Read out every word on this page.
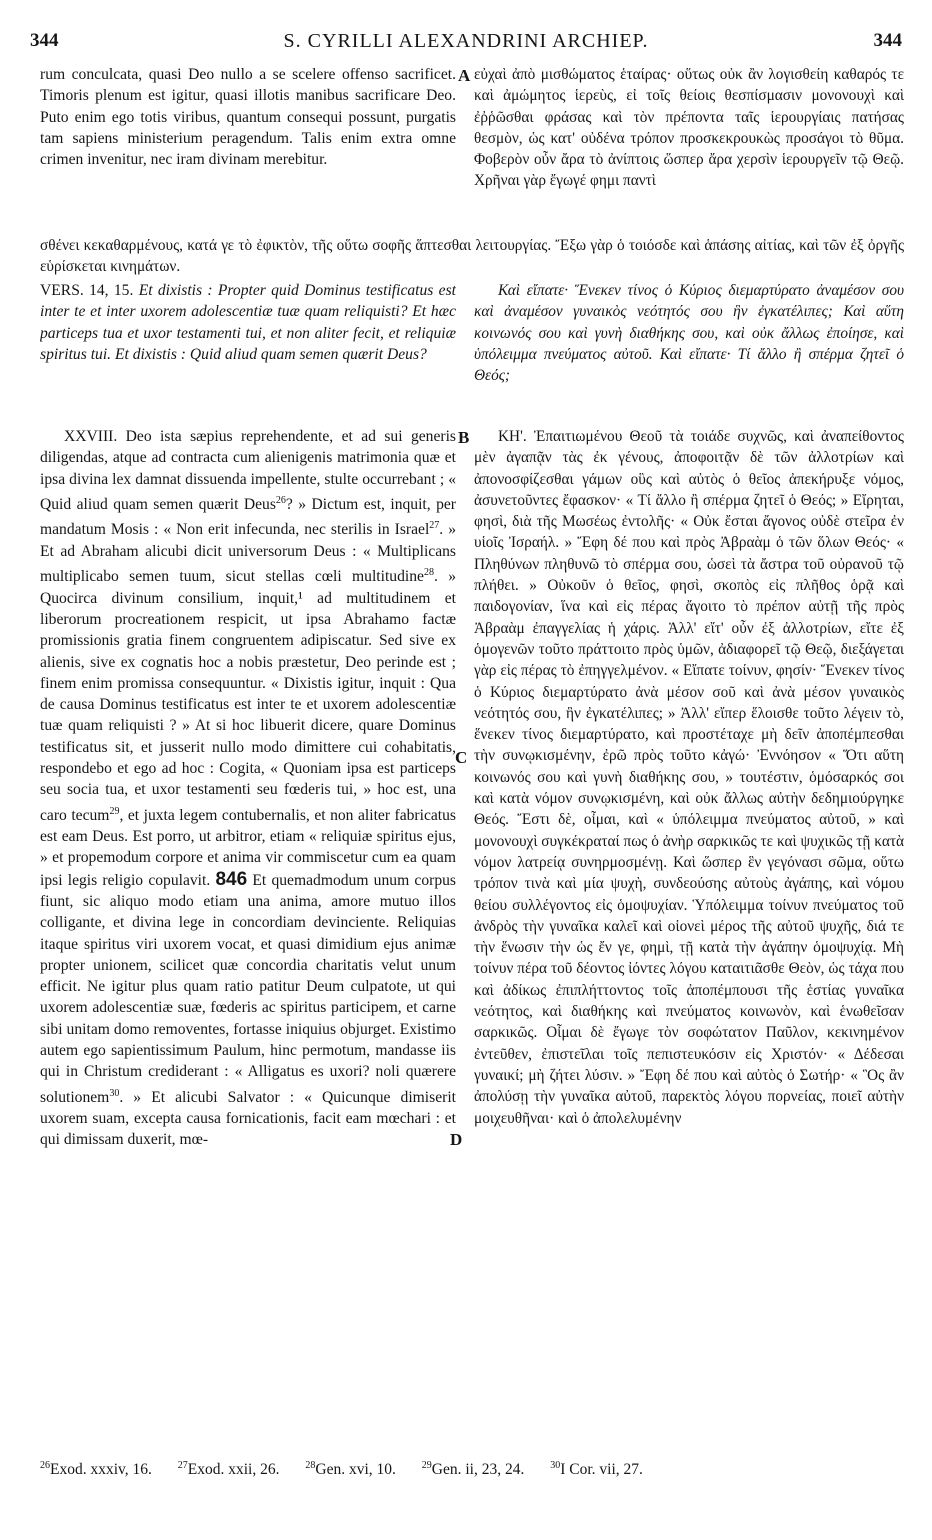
344	S. CYRILLI ALEXANDRINI ARCHIEP.	344

rum conculcata, quasi Deo nullo a se scelere offenso sacrificet. Timoris plenum est igitur, quasi illotis manibus sacrificare Deo. Puto enim ego totis viribus, quantum consequi possunt, purgatis tam sapiens ministerium peragendum. Talis enim extra omne crimen invenitur, nec iram divinam merebitur.

εὐχαὶ ἀπὸ μισθώματος ἑταίρας· οὕτως οὐκ ἂν λογισθείη καθαρός τε καὶ ἀμώμητος ἱερεὺς, εἰ τοῖς θείοις θεσπίσμασιν μονονουχὶ καὶ ἐῤῥῶσθαι φράσας καὶ τὸν πρέποντα ταῖς ἱερουργίαις πατήσας θεσμὸν, ὡς κατ' οὐδένα τρόπον προσκεκρουκὼς προσάγοι τὸ θῦμα. Φοβερὸν οὖν ἄρα τὸ ἀνίπτοις ὥσπερ ἄρα χερσὶν ἱερουργεῖν τῷ Θεῷ. Χρῆναι γὰρ ἔγωγέ φημι παντὶ

A

σθένει κεκαθαρμένους, κατά γε τὸ ἐφικτὸν, τῆς οὕτω σοφῆς ἅπτεσθαι λειτουργίας. Ἔξω γὰρ ὁ τοιόσδε καὶ ἁπάσης αἰτίας, καὶ τῶν ἐξ ὀργῆς εὑρίσκεται κινημάτων.

VERS. 14, 15. Et dixistis : Propter quid Dominus testificatus est inter te et inter uxorem adolescentiæ tuæ quam reliquisti? Et hæc particeps tua et uxor testamenti tui, et non aliter fecit, et reliquiæ spiritus tui. Et dixistis : Quid aliud quam semen quærit Deus?

Καὶ εἴπατε· Ἕνεκεν τίνος ὁ Κύριος διεμαρτύρατο ἀναμέσον σου καὶ ἀναμέσον γυναικὸς νεότητός σου ἣν ἐγκατέλιπες; Καὶ αὕτη κοινωνός σου καὶ γυνὴ διαθήκης σου, καὶ οὐκ ἄλλως ἐποίησε, καὶ ὑπόλειμμα πνεύματος αὐτοῦ. Καὶ εἴπατε· Τί ἄλλο ἢ σπέρμα ζητεῖ ὁ Θεός;

B
C
D

XXVIII. Deo ista sæpius reprehendente, et ad sui generis diligendas, atque ad contracta cum alienigenis matrimonia quæ et ipsa divina lex damnat dissuenda impellente, stulte occurrebant ; « Quid aliud quam semen quærit Deus$^{26}$? » Dictum est, inquit, per mandatum Mosis : « Non erit infecunda, nec sterilis in Israel$^{27}$. » Et ad Abraham alicubi dicit universorum Deus : « Multiplicans multiplicabo semen tuum, sicut stellas cœli multitudine$^{28}$. » Quocirca divinum consilium, inquit,¹ ad multitudinem et liberorum procreationem respicit, ut ipsa Abrahamo factæ promissionis gratia finem congruentem adipiscatur. Sed sive ex alienis, sive ex cognatis hoc a nobis præstetur, Deo perinde est ; finem enim promissa consequuntur. « Dixistis igitur, inquit : Qua de causa Dominus testificatus est inter te et uxorem adolescentiæ tuæ quam reliquisti ? » At si hoc libuerit dicere, quare Dominus testificatus sit, et jusserit nullo modo dimittere cui cohabitatis, respondebo et ego ad hoc : Cogita, « Quoniam ipsa est particeps seu socia tua, et uxor testamenti seu fœderis tui, » hoc est, una caro tecum$^{29}$, et juxta legem contubernalis, et non aliter fabricatus est eam Deus. Est porro, ut arbitror, etiam « reliquiæ spiritus ejus, » et propemodum corpore et anima vir commiscetur cum ea quam ipsi legis religio copulavit. 846 Et quemadmodum unum corpus fiunt, sic aliquo modo etiam una anima, amore mutuo illos colligante, et divina lege in concordiam devinciente. Reliquias itaque spiritus viri uxorem vocat, et quasi dimidium ejus animæ propter unionem, scilicet quæ concordia charitatis velut unum efficit. Ne igitur plus quam ratio patitur Deum culpatote, ut qui uxorem adolescentiæ suæ, fœderis ac spiritus participem, et carne sibi unitam domo removentes, fortasse iniquius objurget. Existimo autem ego sapientissimum Paulum, hinc permotum, mandasse iis qui in Christum crediderant : « Alligatus es uxori? noli quærere solutionem$^{30}$. » Et alicubi Salvator : « Quicunque dimiserit uxorem suam, excepta causa fornicationis, facit eam mœchari : et qui dimissam duxerit, mœ-

ΚΗ'. Ἐπαιτιωμένου Θεοῦ τὰ τοιάδε συχνῶς, καὶ ἀναπείθοντος μὲν ἀγαπᾷν τὰς ἐκ γένους, ἀποφοιτᾷν δὲ τῶν ἀλλοτρίων καὶ ἀπονοσφίζεσθαι γάμων οὓς καὶ αὐτὸς ὁ θεῖος ἀπεκήρυξε νόμος, ἀσυνετοῦντες ἔφασκον· « Τί ἄλλο ἢ σπέρμα ζητεῖ ὁ Θεός; » Εἴρηται, φησὶ, διὰ τῆς Μωσέως ἐντολῆς· « Οὐκ ἔσται ἄγονος οὐδὲ στεῖρα ἐν υἱοῖς Ἰσραήλ. » Ἔφη δέ που καὶ πρὸς Ἀβραὰμ ὁ τῶν ὅλων Θεός· « Πληθύνων πληθυνῶ τὸ σπέρμα σου, ὡσεὶ τὰ ἄστρα τοῦ οὐρανοῦ τῷ πλήθει. » Οὐκοῦν ὁ θεῖος, φησὶ, σκοπὸς εἰς πλῆθος ὁρᾷ καὶ παιδογονίαν, ἵνα καὶ εἰς πέρας ἄγοιτο τὸ πρέπον αὐτῇ τῆς πρὸς Ἀβραὰμ ἐπαγγελίας ἡ χάρις. Ἀλλ' εἴτ' οὖν ἐξ ἀλλοτρίων, εἴτε ἐξ ὁμογενῶν τοῦτο πράττοιτο πρὸς ὑμῶν, ἀδιαφορεῖ τῷ Θεῷ, διεξάγεται γὰρ εἰς πέρας τὸ ἐπηγγελμένον. « Εἴπατε τοίνυν, φησίν· Ἕνεκεν τίνος ὁ Κύριος διεμαρτύρατο ἀνὰ μέσον σοῦ καὶ ἀνὰ μέσον γυναικὸς νεότητός σου, ἣν ἐγκατέλιπες; » Ἀλλ' εἴπερ ἕλοισθε τοῦτο λέγειν τὸ, ἕνεκεν τίνος διεμαρτύρατο, καὶ προστέταχε μὴ δεῖν ἀποπέμπεσθαι τὴν συνῳκισμένην, ἐρῶ πρὸς τοῦτο κἀγώ· Ἐννόησον « Ὅτι αὕτη κοινωνός σου καὶ γυνὴ διαθήκης σου, » τουτέστιν, ὁμόσαρκός σοι καὶ κατὰ νόμον συνῳκισμένη, καὶ οὐκ ἄλλως αὐτὴν δεδημιούργηκε Θεός. Ἔστι δὲ, οἶμαι, καὶ « ὑπόλειμμα πνεύματος αὐτοῦ, » καὶ μονονουχὶ συγκέκραταί πως ὁ ἀνὴρ σαρκικῶς τε καὶ ψυχικῶς τῇ κατὰ νόμον λατρείᾳ συνηρμοσμένῃ. Καὶ ὥσπερ ἓν γεγόνασι σῶμα, οὕτω τρόπον τινὰ καὶ μία ψυχὴ, συνδεούσης αὐτοὺς ἀγάπης, καὶ νόμου θείου συλλέγοντος εἰς ὁμοψυχίαν. Ὑπόλειμμα τοίνυν πνεύματος τοῦ ἀνδρὸς τὴν γυναῖκα καλεῖ καὶ οἱονεὶ μέρος τῆς αὐτοῦ ψυχῆς, διά τε τὴν ἕνωσιν τὴν ὡς ἔν γε, φημὶ, τῇ κατὰ τὴν ἀγάπην ὁμοψυχίᾳ. Μὴ τοίνυν πέρα τοῦ δέοντος ἰόντες λόγου καταιτιᾶσθε Θεὸν, ὡς τάχα που καὶ ἀδίκως ἐπιπλήττοντος τοῖς ἀποπέμπουσι τῆς ἑστίας γυναῖκα νεότητος, καὶ διαθήκης καὶ πνεύματος κοινωνὸν, καὶ ἑνωθεῖσαν σαρκικῶς. Οἶμαι δὲ ἔγωγε τὸν σοφώτατον Παῦλον, κεκινημένον ἐντεῦθεν, ἐπιστεῖλαι τοῖς πεπιστευκόσιν εἰς Χριστόν· « Δέδεσαι γυναικί; μὴ ζήτει λύσιν. » Ἔφη δέ που καὶ αὐτὸς ὁ Σωτήρ· « Ὃς ἂν ἀπολύσῃ τὴν γυναῖκα αὐτοῦ, παρεκτὸς λόγου πορνείας, ποιεῖ αὐτὴν μοιχευθῆναι· καὶ ὁ ἀπολελυμένην

$^{26}$Exod. xxxiv, 16.	$^{27}$Exod. xxii, 26.	$^{28}$Gen. xvi, 10.	$^{29}$Gen. ii, 23, 24.	$^{30}$I Cor. vii, 27.
